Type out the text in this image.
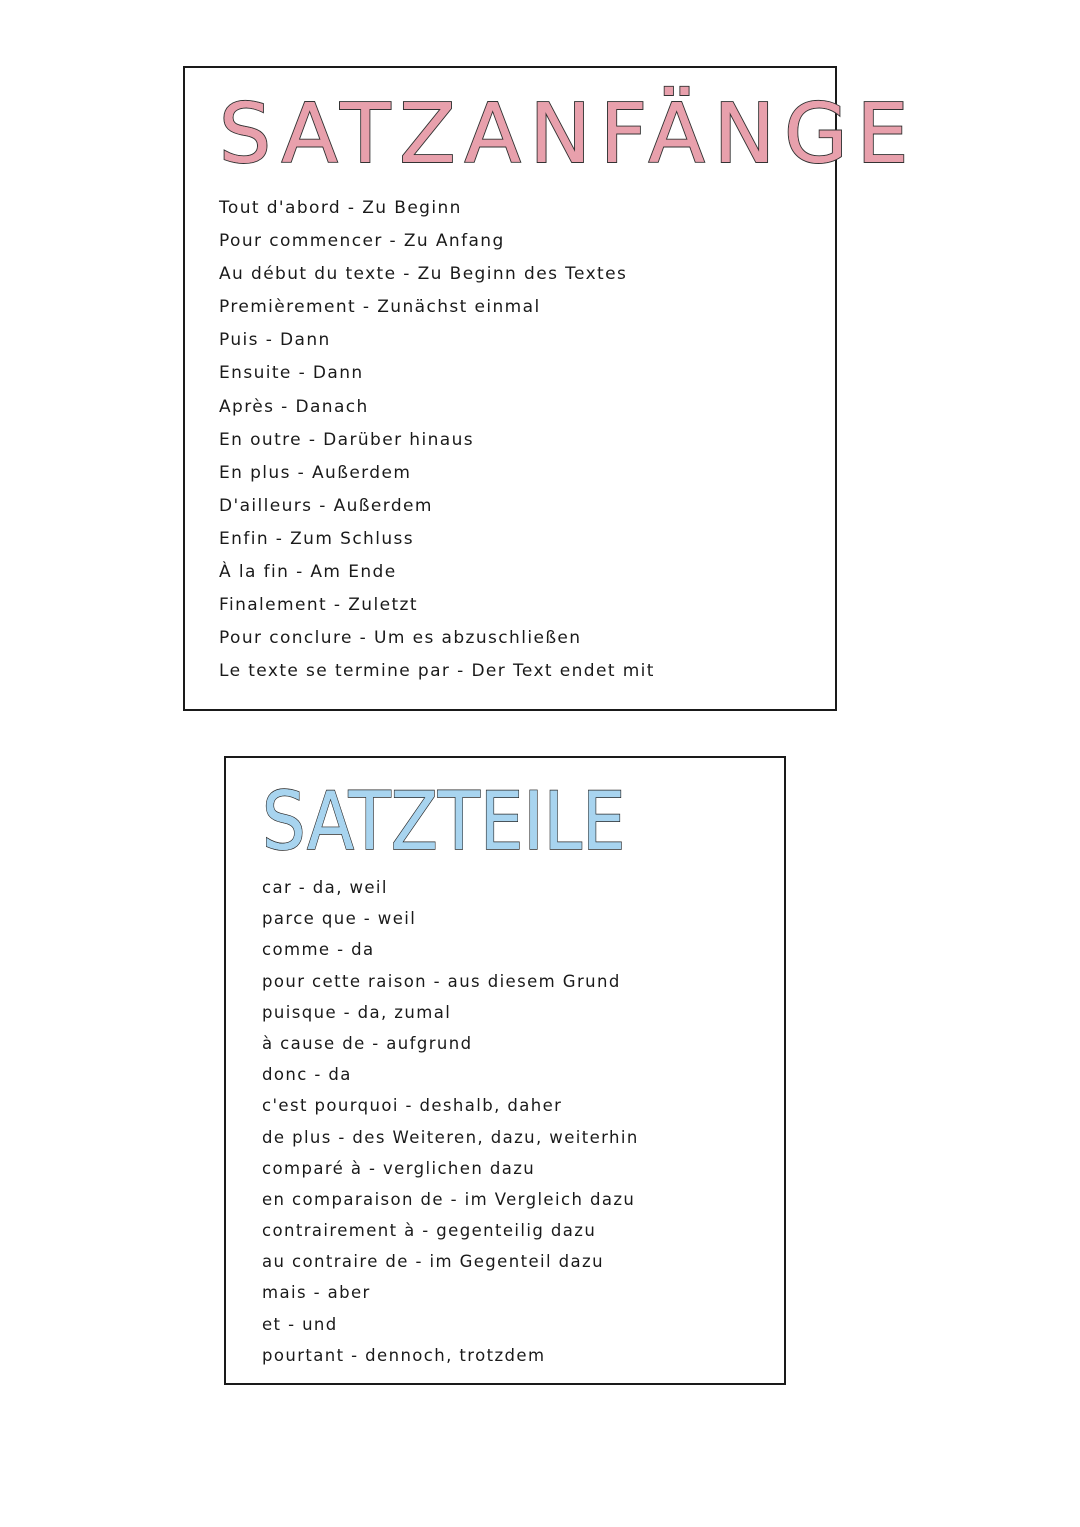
SATZANFÄNGE
Tout d'abord - Zu Beginn
Pour commencer - Zu Anfang
Au début du texte - Zu Beginn des Textes
Premièrement - Zunächst einmal
Puis - Dann
Ensuite - Dann
Après - Danach
En outre - Darüber hinaus
En plus - Außerdem
D'ailleurs - Außerdem
Enfin - Zum Schluss
À la fin - Am Ende
Finalement - Zuletzt
Pour conclure - Um es abzuschließen
Le texte se termine par - Der Text endet mit
SATZTEILE
car - da, weil
parce que - weil
comme - da
pour cette raison - aus diesem Grund
puisque - da, zumal
à cause de - aufgrund
donc - da
c'est pourquoi - deshalb, daher
de plus - des Weiteren, dazu, weiterhin
comparé à - verglichen dazu
en comparaison de - im Vergleich dazu
contrairement à - gegenteilig dazu
au contraire de - im Gegenteil dazu
mais - aber
et - und
pourtant - dennoch, trotzdem
